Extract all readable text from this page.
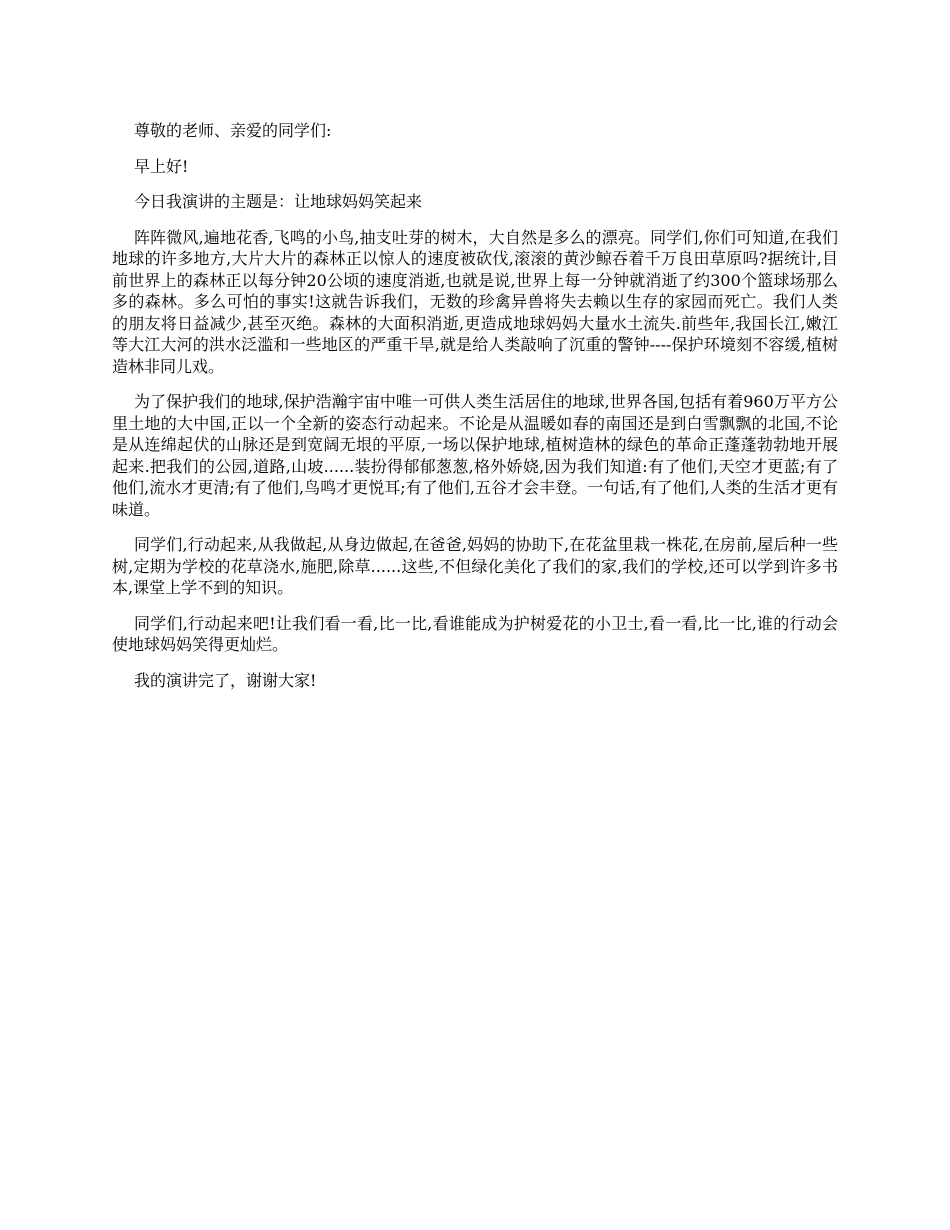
尊敬的老师、亲爱的同学们:

早上好!

今日我演讲的主题是：让地球妈妈笑起来

阵阵微风,遍地花香,飞鸣的小鸟,抽支吐芽的树木，大自然是多么的漂亮。同学们,你们可知道,在我们地球的许多地方,大片大片的森林正以惊人的速度被砍伐,滚滚的黄沙鲸吞着千万良田草原吗?据统计,目前世界上的森林正以每分钟20公顷的速度消逝,也就是说,世界上每一分钟就消逝了约300个篮球场那么多的森林。多么可怕的事实!这就告诉我们，无数的珍禽异兽将失去赖以生存的家园而死亡。我们人类的朋友将日益减少,甚至灭绝。森林的大面积消逝,更造成地球妈妈大量水土流失.前些年,我国长江,嫩江等大江大河的洪水泛滥和一些地区的严重干旱,就是给人类敲响了沉重的警钟----保护环境刻不容缓,植树造林非同儿戏。

为了保护我们的地球,保护浩瀚宇宙中唯一可供人类生活居住的地球,世界各国,包括有着960万平方公里土地的大中国,正以一个全新的姿态行动起来。不论是从温暖如春的南国还是到白雪飘飘的北国,不论是从连绵起伏的山脉还是到宽阔无垠的平原,一场以保护地球,植树造林的绿色的革命正蓬蓬勃勃地开展起来.把我们的公园,道路,山坡......装扮得郁郁葱葱,格外娇娆,因为我们知道:有了他们,天空才更蓝;有了他们,流水才更清;有了他们,鸟鸣才更悦耳;有了他们,五谷才会丰登。一句话,有了他们,人类的生活才更有味道。

同学们,行动起来,从我做起,从身边做起,在爸爸,妈妈的协助下,在花盆里栽一株花,在房前,屋后种一些树,定期为学校的花草浇水,施肥,除草......这些,不但绿化美化了我们的家,我们的学校,还可以学到许多书本,课堂上学不到的知识。

同学们,行动起来吧!让我们看一看,比一比,看谁能成为护树爱花的小卫士,看一看,比一比,谁的行动会使地球妈妈笑得更灿烂。

我的演讲完了，谢谢大家!
